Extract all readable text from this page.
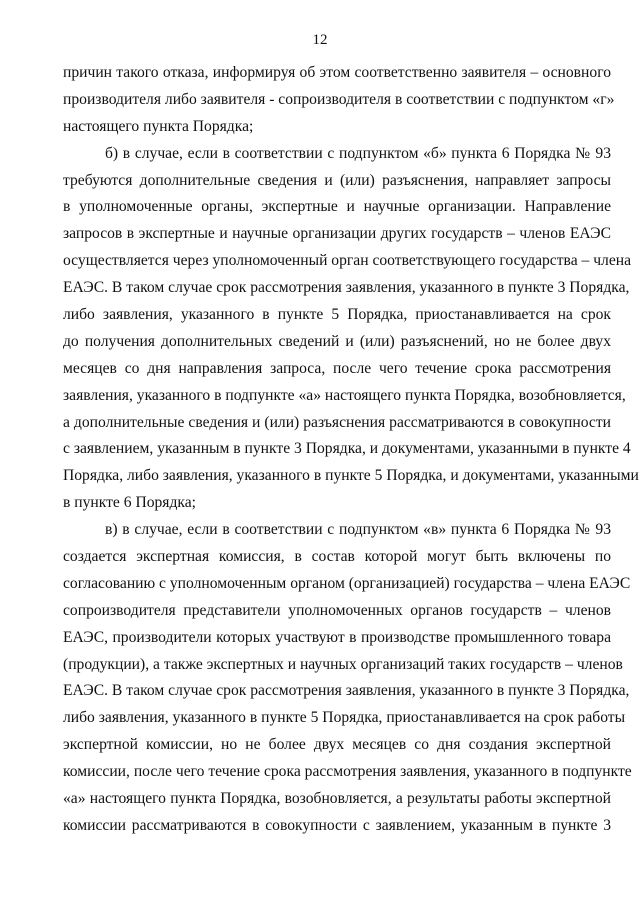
12
причин такого отказа, информируя об этом соответственно заявителя – основного
производителя либо заявителя - сопроизводителя в соответствии с подпунктом «г»
настоящего пункта Порядка;
б) в случае, если в соответствии с подпунктом «б» пункта 6 Порядка № 93
требуются дополнительные сведения и (или) разъяснения, направляет запросы
в уполномоченные органы, экспертные и научные организации. Направление
запросов в экспертные и научные организации других государств – членов ЕАЭС
осуществляется через уполномоченный орган соответствующего государства – члена
ЕАЭС. В таком случае срок рассмотрения заявления, указанного в пункте 3 Порядка,
либо заявления, указанного в пункте 5 Порядка, приостанавливается на срок
до получения дополнительных сведений и (или) разъяснений, но не более двух
месяцев со дня направления запроса, после чего течение срока рассмотрения
заявления, указанного в подпункте «а» настоящего пункта Порядка, возобновляется,
а дополнительные сведения и (или) разъяснения рассматриваются в совокупности
с заявлением, указанным в пункте 3 Порядка, и документами, указанными в пункте 4
Порядка, либо заявления, указанного в пункте 5 Порядка, и документами, указанными
в пункте 6 Порядка;
в) в случае, если в соответствии с подпунктом «в» пункта 6 Порядка № 93
создается экспертная комиссия, в состав которой могут быть включены по
согласованию с уполномоченным органом (организацией) государства – члена ЕАЭС
сопроизводителя представители уполномоченных органов государств – членов
ЕАЭС, производители которых участвуют в производстве промышленного товара
(продукции), а также экспертных и научных организаций таких государств – членов
ЕАЭС. В таком случае срок рассмотрения заявления, указанного в пункте 3 Порядка,
либо заявления, указанного в пункте 5 Порядка, приостанавливается на срок работы
экспертной комиссии, но не более двух месяцев со дня создания экспертной
комиссии, после чего течение срока рассмотрения заявления, указанного в подпункте
«а» настоящего пункта Порядка, возобновляется, а результаты работы экспертной
комиссии рассматриваются в совокупности с заявлением, указанным в пункте 3
